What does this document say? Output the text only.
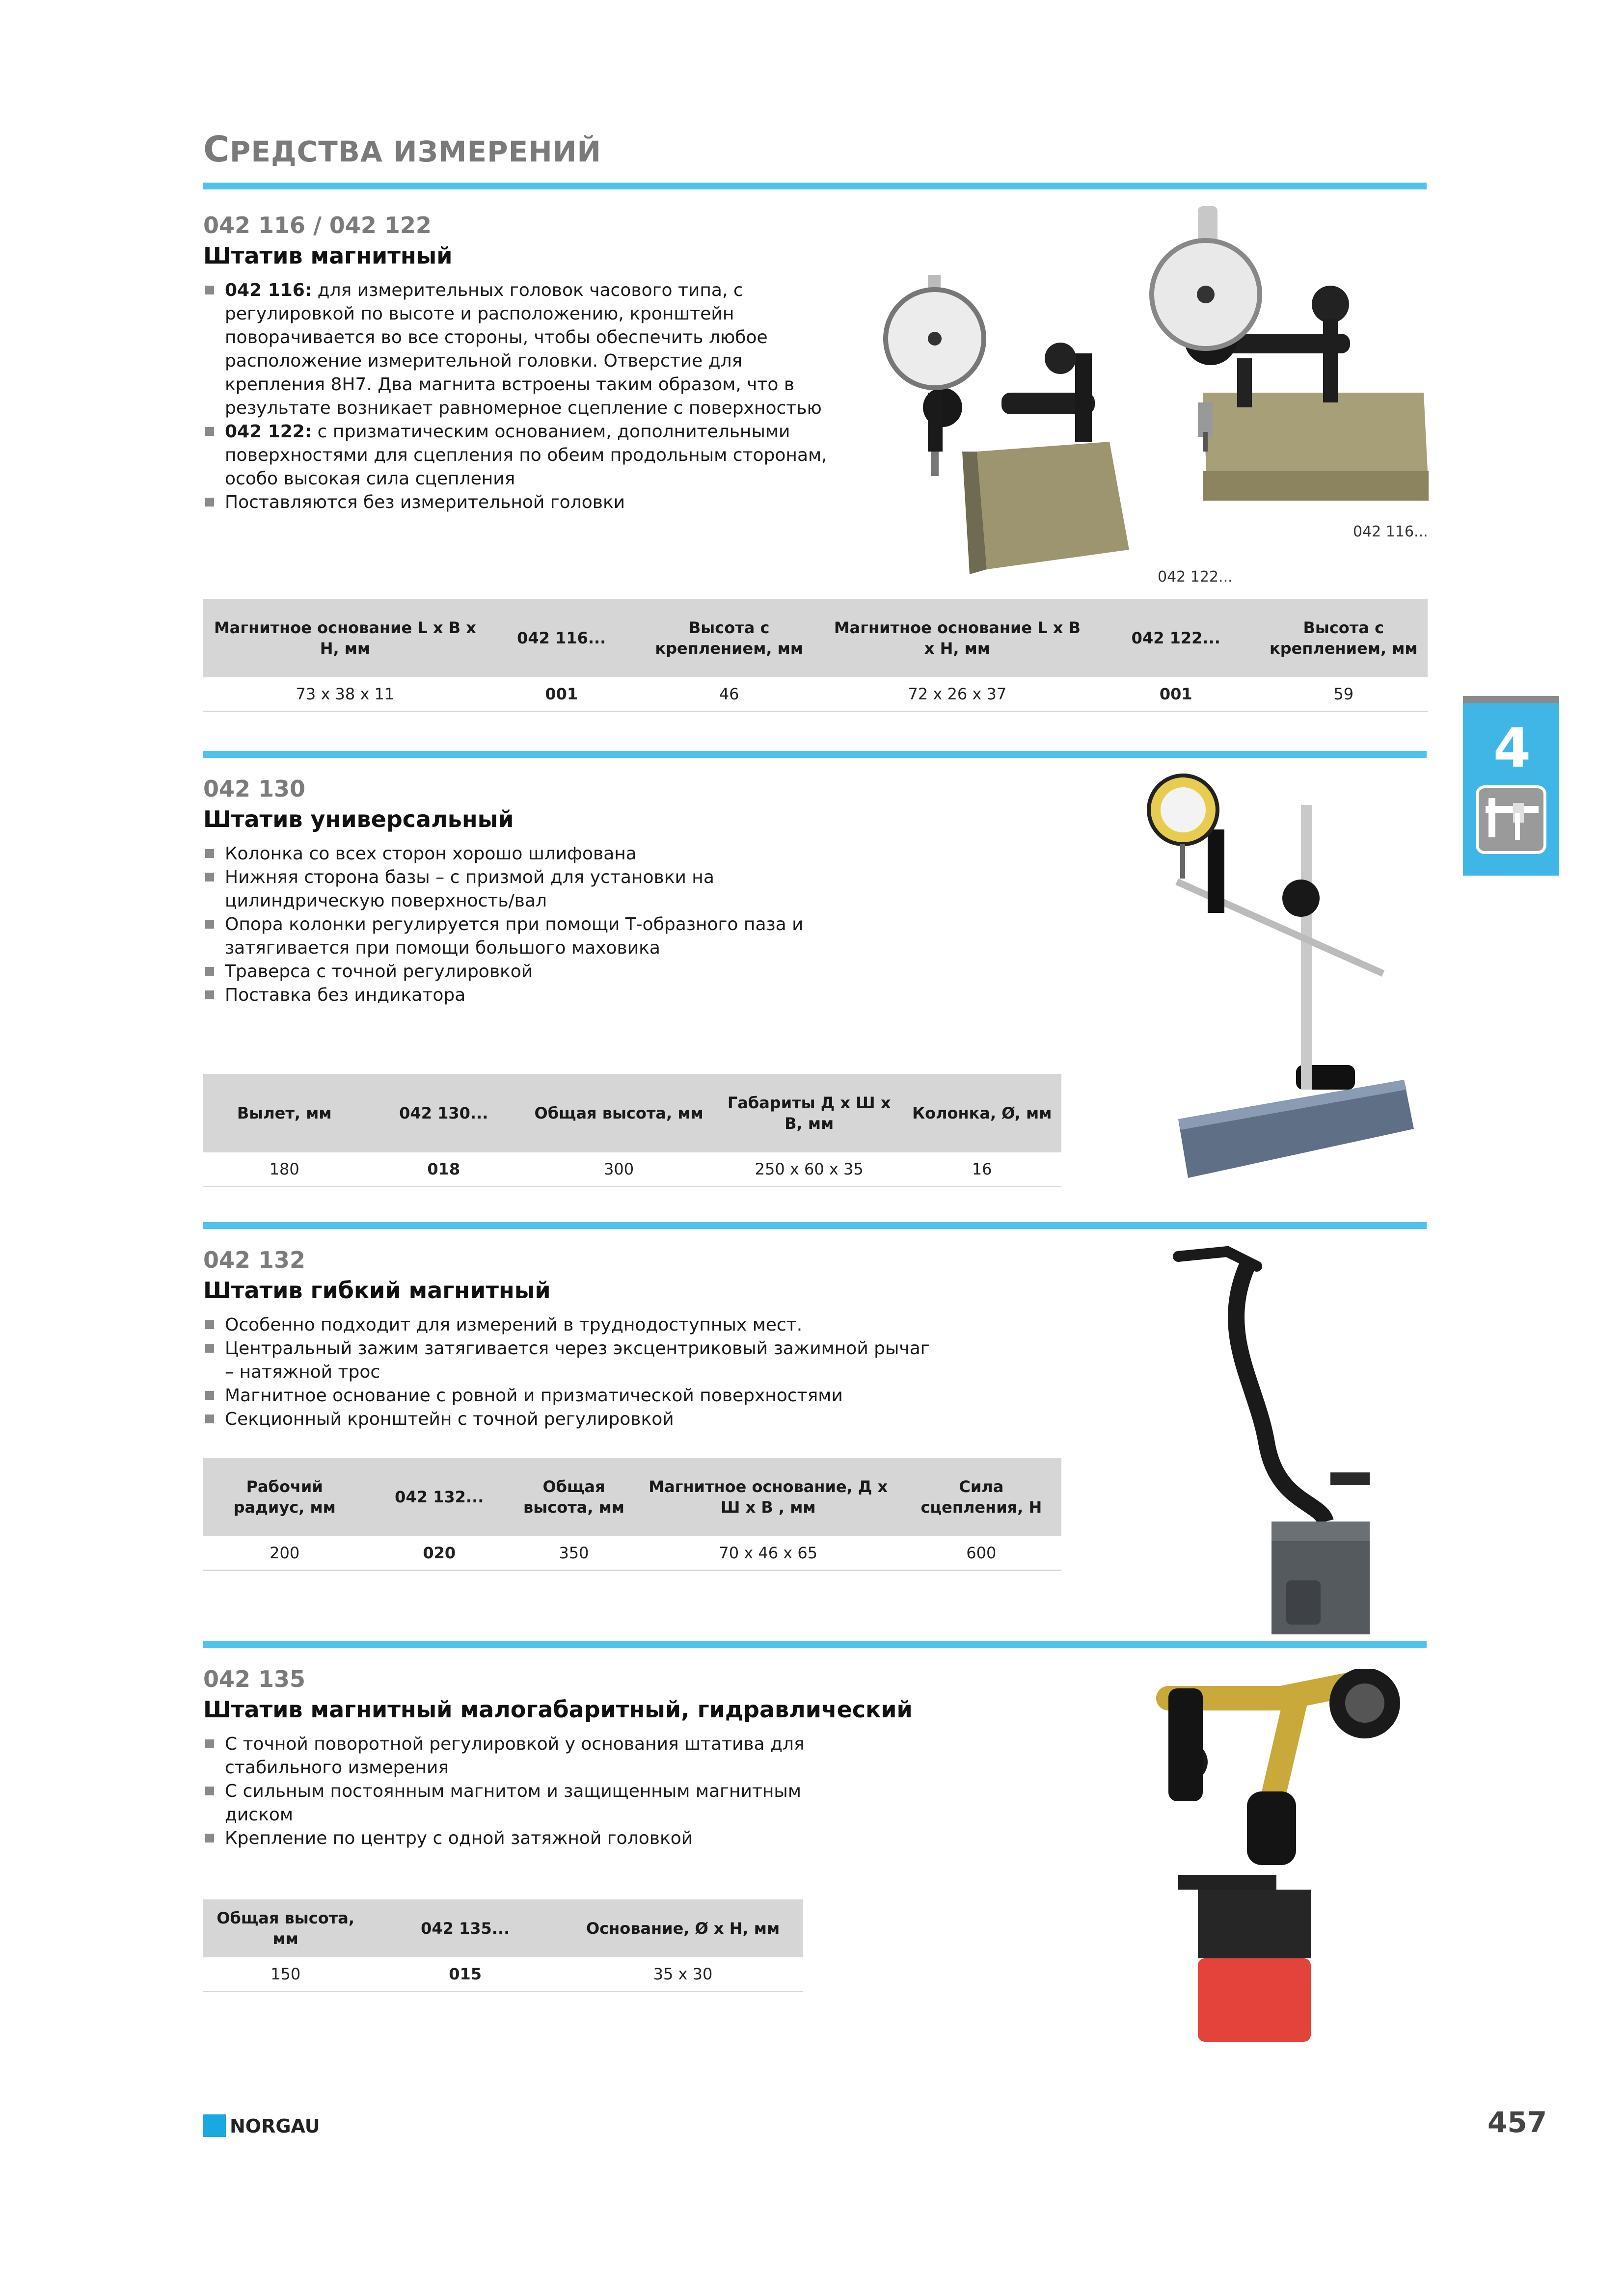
СРЕДСТВА ИЗМЕРЕНИЙ
042 116 / 042 122
Штатив магнитный
042 116: для измерительных головок часового типа, с регулировкой по высоте и расположению, кронштейн поворачивается во все стороны, чтобы обеспечить любое расположение измерительной головки. Отверстие для крепления 8H7. Два магнита встроены таким образом, что в результате возникает равномерное сцепление с поверхностью
042 122: с призматическим основанием, дополнительными поверхностями для сцепления по обеим продольным сторонам, особо высокая сила сцепления
Поставляются без измерительной головки
042 116...
042 122...
Магнитное основание L x B x H, мм	042 116...	Высота с креплением, мм	Магнитное основание L x B x H, мм	042 122...	Высота с креплением, мм
73 x 38 x 11	001	46	72 x 26 x 37	001	59
042 130
Штатив универсальный
Колонка со всех сторон хорошо шлифована
Нижняя сторона базы – с призмой для установки на цилиндрическую поверхность/вал
Опора колонки регулируется при помощи Т-образного паза и затягивается при помощи большого маховика
Траверса с точной регулировкой
Поставка без индикатора
Вылет, мм	042 130...	Общая высота, мм	Габариты Д x Ш x В, мм	Колонка, Ø, мм
180	018	300	250 x 60 x 35	16
042 132
Штатив гибкий магнитный
Особенно подходит для измерений в труднодоступных мест.
Центральный зажим затягивается через эксцентриковый зажимной рычаг – натяжной трос
Магнитное основание с ровной и призматической поверхностями
Секционный кронштейн с точной регулировкой
Рабочий радиус, мм	042 132...	Общая высота, мм	Магнитное основание, Д x Ш x В , мм	Сила сцепления, Н
200	020	350	70 x 46 x 65	600
042 135
Штатив магнитный малогабаритный, гидравлический
С точной поворотной регулировкой у основания штатива для стабильного измерения
С сильным постоянным магнитом и защищенным магнитным диском
Крепление по центру с одной затяжной головкой
Общая высота, мм	042 135...	Основание, Ø x H, мм
150	015	35 x 30
4
NORGAU	457
